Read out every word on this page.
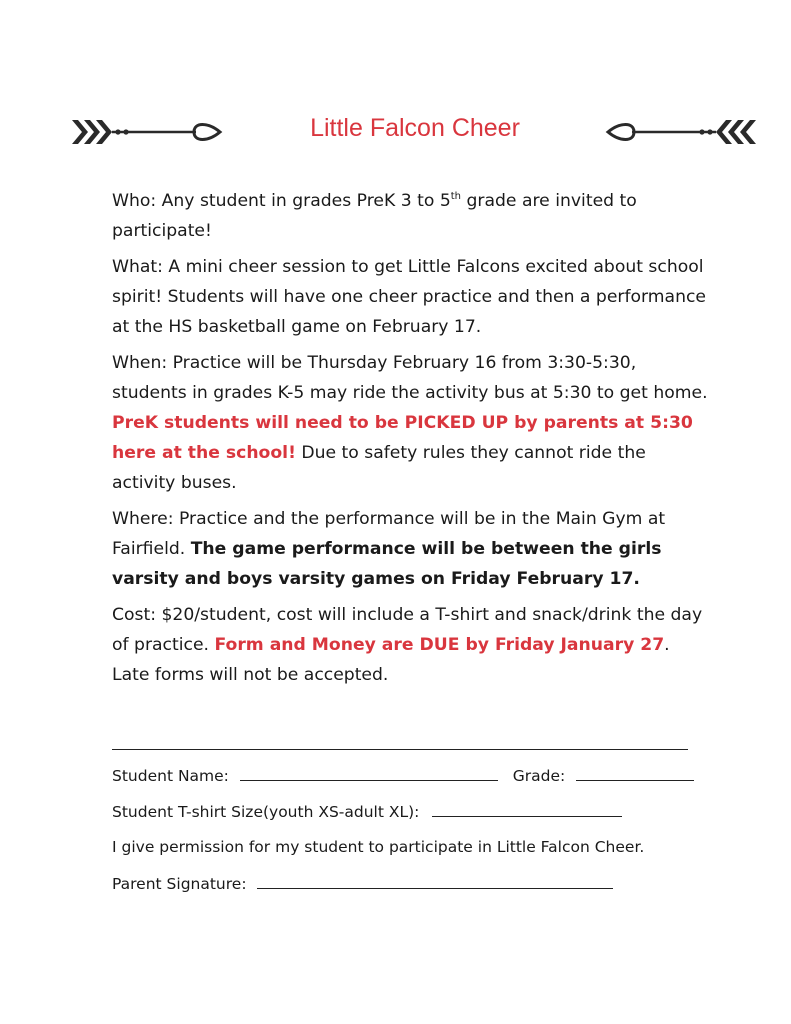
Little Falcon Cheer

Who: Any student in grades PreK 3 to 5th grade are invited to participate!

What: A mini cheer session to get Little Falcons excited about school spirit! Students will have one cheer practice and then a performance at the HS basketball game on February 17.

When: Practice will be Thursday February 16 from 3:30-5:30, students in grades K-5 may ride the activity bus at 5:30 to get home. PreK students will need to be PICKED UP by parents at 5:30 here at the school! Due to safety rules they cannot ride the activity buses.

Where: Practice and the performance will be in the Main Gym at Fairfield. The game performance will be between the girls varsity and boys varsity games on Friday February 17.

Cost: $20/student, cost will include a T-shirt and snack/drink the day of practice. Form and Money are DUE by Friday January 27. Late forms will not be accepted.

Student Name:	Grade:
Student T-shirt Size(youth XS-adult XL):
I give permission for my student to participate in Little Falcon Cheer.
Parent Signature:
